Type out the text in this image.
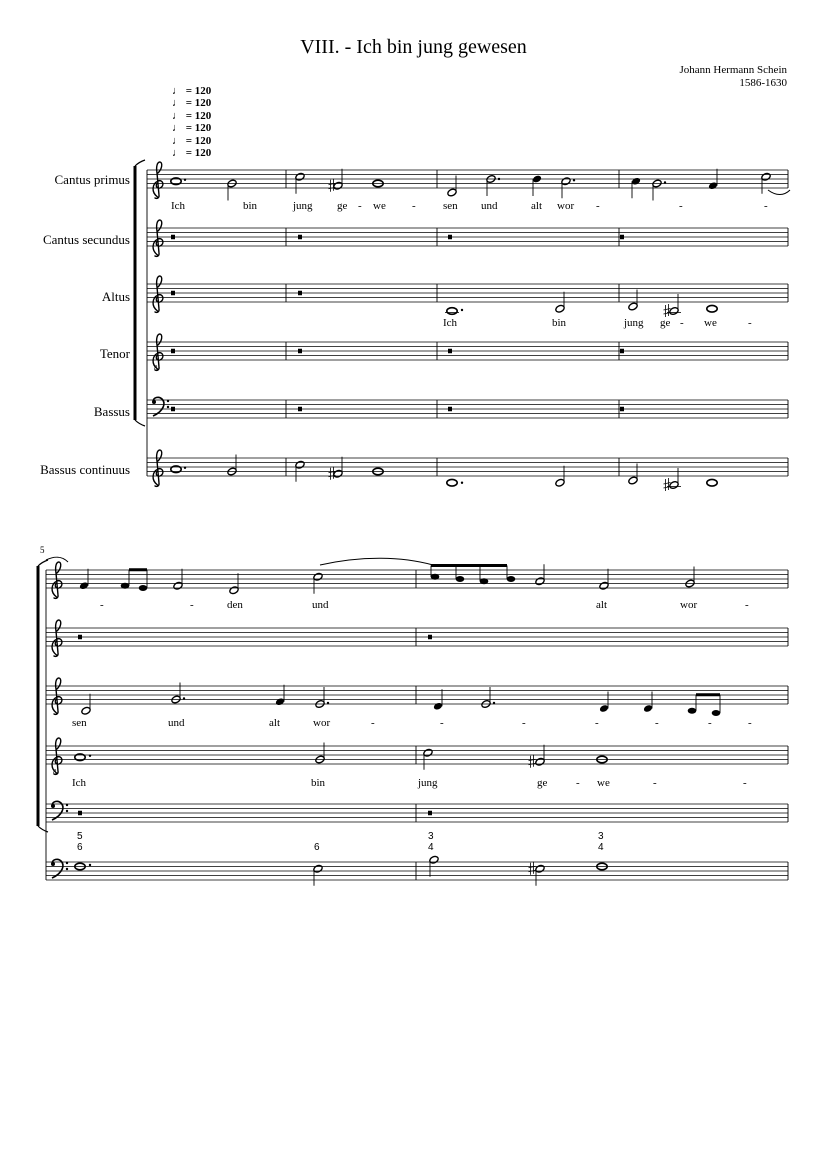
VIII. - Ich bin jung gewesen
Johann Hermann Schein
1586-1630
♩ = 120
♩ = 120
♩ = 120
♩ = 120
♩ = 120
♩ = 120
Cantus primus
Cantus secundus
Altus
Tenor
Bassus
Bassus continuus
5
8
8
Ich	bin	jung ge - we - sen und	alt wor -	-	-
Ich	bin	jung ge - we	-
-	-	den	und	alt	wor	-
sen	und	alt	wor	-	-	-	-	-	-	-
Ich	bin	jung	ge	- we	-	-
5
6	6
3
4
3
4
